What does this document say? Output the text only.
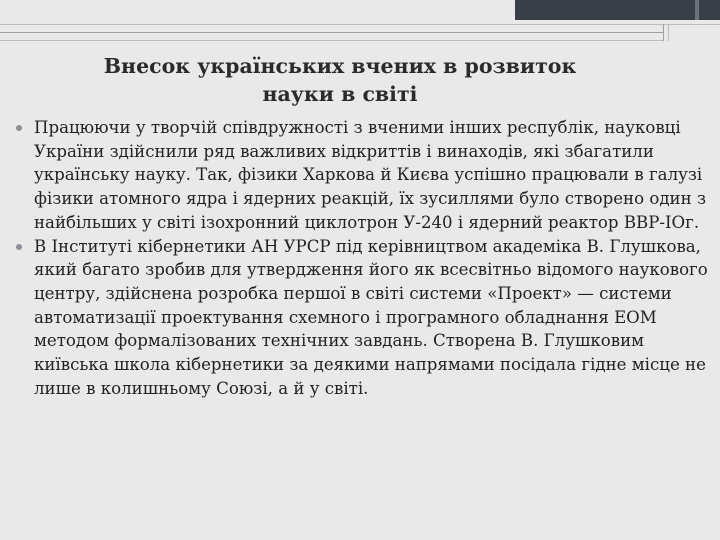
Внесок українських вчених в розвиток науки в світі
Працюючи у творчій співдружності з вченими інших республік, науковці України здійснили ряд важливих відкриттів і винаходів, які збагатили українську науку. Так, фізики Харкова й Києва успішно працювали в галузі фізики атомного ядра і ядерних реакцій, їх зусиллями було створено один з найбільших у світі ізохронний циклотрон У-240 і ядерний реактор ВВР-IОг.
В Інституті кібернетики АН УРСР під керівництвом академіка В. Глушкова, який багато зробив для утвердження його як всесвітньо відомого наукового центру, здійснена розробка першої в світі системи «Проект» — системи автоматизації проектування схемного і програмного обладнання ЕОМ методом формалізованих технічних завдань. Створена В. Глушковим київська школа кібернетики за деякими напрямами посідала гідне місце не лише в колишньому Союзі, а й у світі.
